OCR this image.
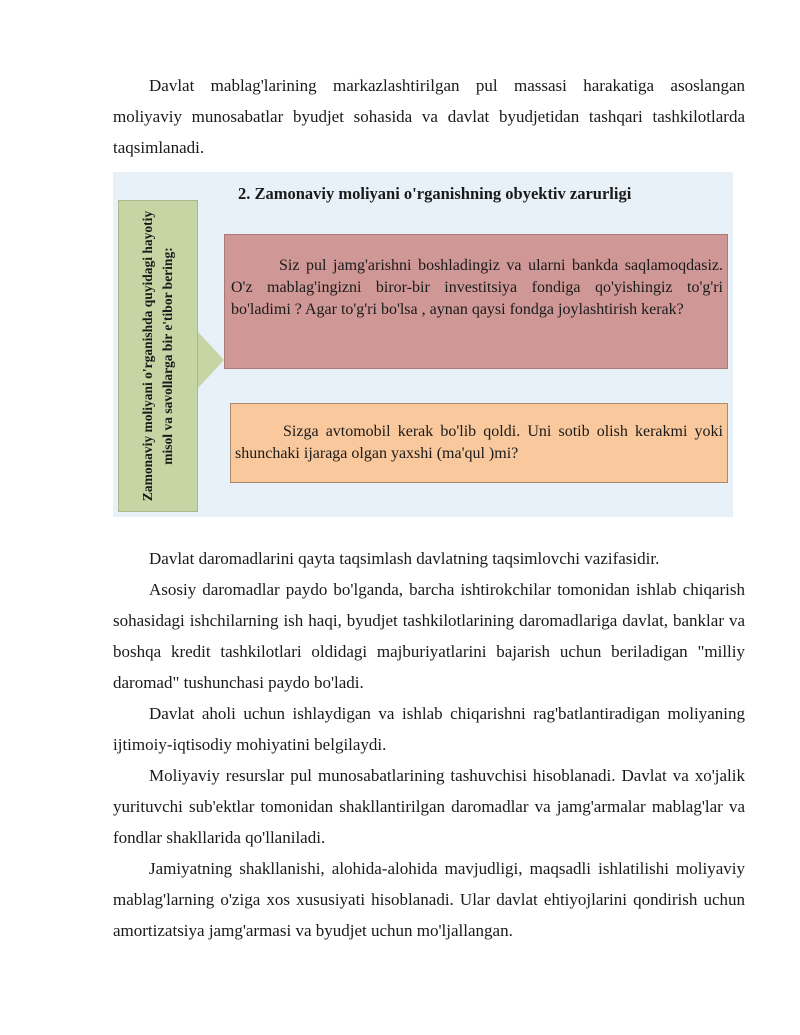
Davlat mablag'larining markazlashtirilgan pul massasi harakatiga asoslangan moliyaviy munosabatlar byudjet sohasida va davlat byudjetidan tashqari tashkilotlarda taqsimlanadi.

2. Zamonaviy moliyani o'rganishning obyektiv zarurligi
Zamonaviy moliyani o'rganishda quyidagi hayotiy misol va savollarga bir e'tibor bering:	Siz pul jamg'arishni boshladingiz va ularni bankda saqlamoqdasiz. O'z mablag'ingizni biror-bir investitsiya fondiga qo'yishingiz to'g'ri bo'ladimi ? Agar to'g'ri bo'lsa , aynan qaysi fondga joylashtirish kerak?
Sizga avtomobil kerak bo'lib qoldi. Uni sotib olish kerakmi yoki shunchaki ijaraga olgan yaxshi (ma'qul )mi?

Davlat daromadlarini qayta taqsimlash davlatning taqsimlovchi vazifasidir.

Asosiy daromadlar paydo bo'lganda, barcha ishtirokchilar tomonidan ishlab chiqarish sohasidagi ishchilarning ish haqi, byudjet tashkilotlarining daromadlariga davlat, banklar va boshqa kredit tashkilotlari oldidagi majburiyatlarini bajarish uchun beriladigan "milliy daromad" tushunchasi paydo bo'ladi.

Davlat aholi uchun ishlaydigan va ishlab chiqarishni rag'batlantiradigan moliyaning ijtimoiy-iqtisodiy mohiyatini belgilaydi.

Moliyaviy resurslar pul munosabatlarining tashuvchisi hisoblanadi. Davlat va xo'jalik yurituvchi sub'ektlar tomonidan shakllantirilgan daromadlar va jamg'armalar mablag'lar va fondlar shakllarida qo'llaniladi.

Jamiyatning shakllanishi, alohida-alohida mavjudligi, maqsadli ishlatilishi moliyaviy mablag'larning o'ziga xos xususiyati hisoblanadi. Ular davlat ehtiyojlarini qondirish uchun amortizatsiya jamg'armasi va byudjet uchun mo'ljallangan.
